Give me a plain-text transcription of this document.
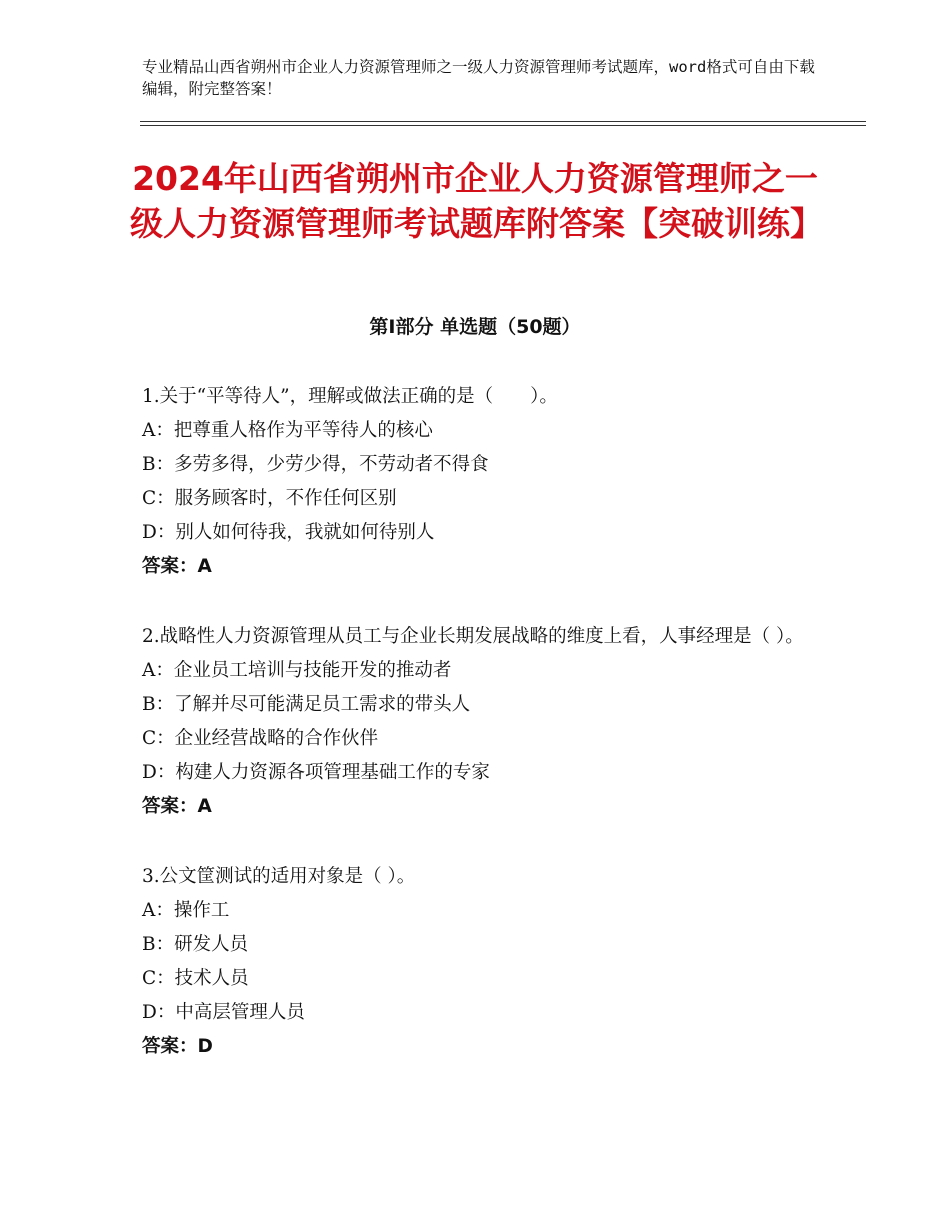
专业精品山西省朔州市企业人力资源管理师之一级人力资源管理师考试题库，word格式可自由下载编辑，附完整答案！
2024年山西省朔州市企业人力资源管理师之一级人力资源管理师考试题库附答案【突破训练】
第Ⅰ部分 单选题（50题）
1.关于“平等待人”，理解或做法正确的是（　　）。
A：把尊重人格作为平等待人的核心
B：多劳多得，少劳少得，不劳动者不得食
C：服务顾客时，不作任何区别
D：别人如何待我，我就如何待别人
答案：A
2.战略性人力资源管理从员工与企业长期发展战略的维度上看，人事经理是（ ）。
A：企业员工培训与技能开发的推动者
B：了解并尽可能满足员工需求的带头人
C：企业经营战略的合作伙伴
D：构建人力资源各项管理基础工作的专家
答案：A
3.公文筐测试的适用对象是（ ）。
A：操作工
B：研发人员
C：技术人员
D：中高层管理人员
答案：D
